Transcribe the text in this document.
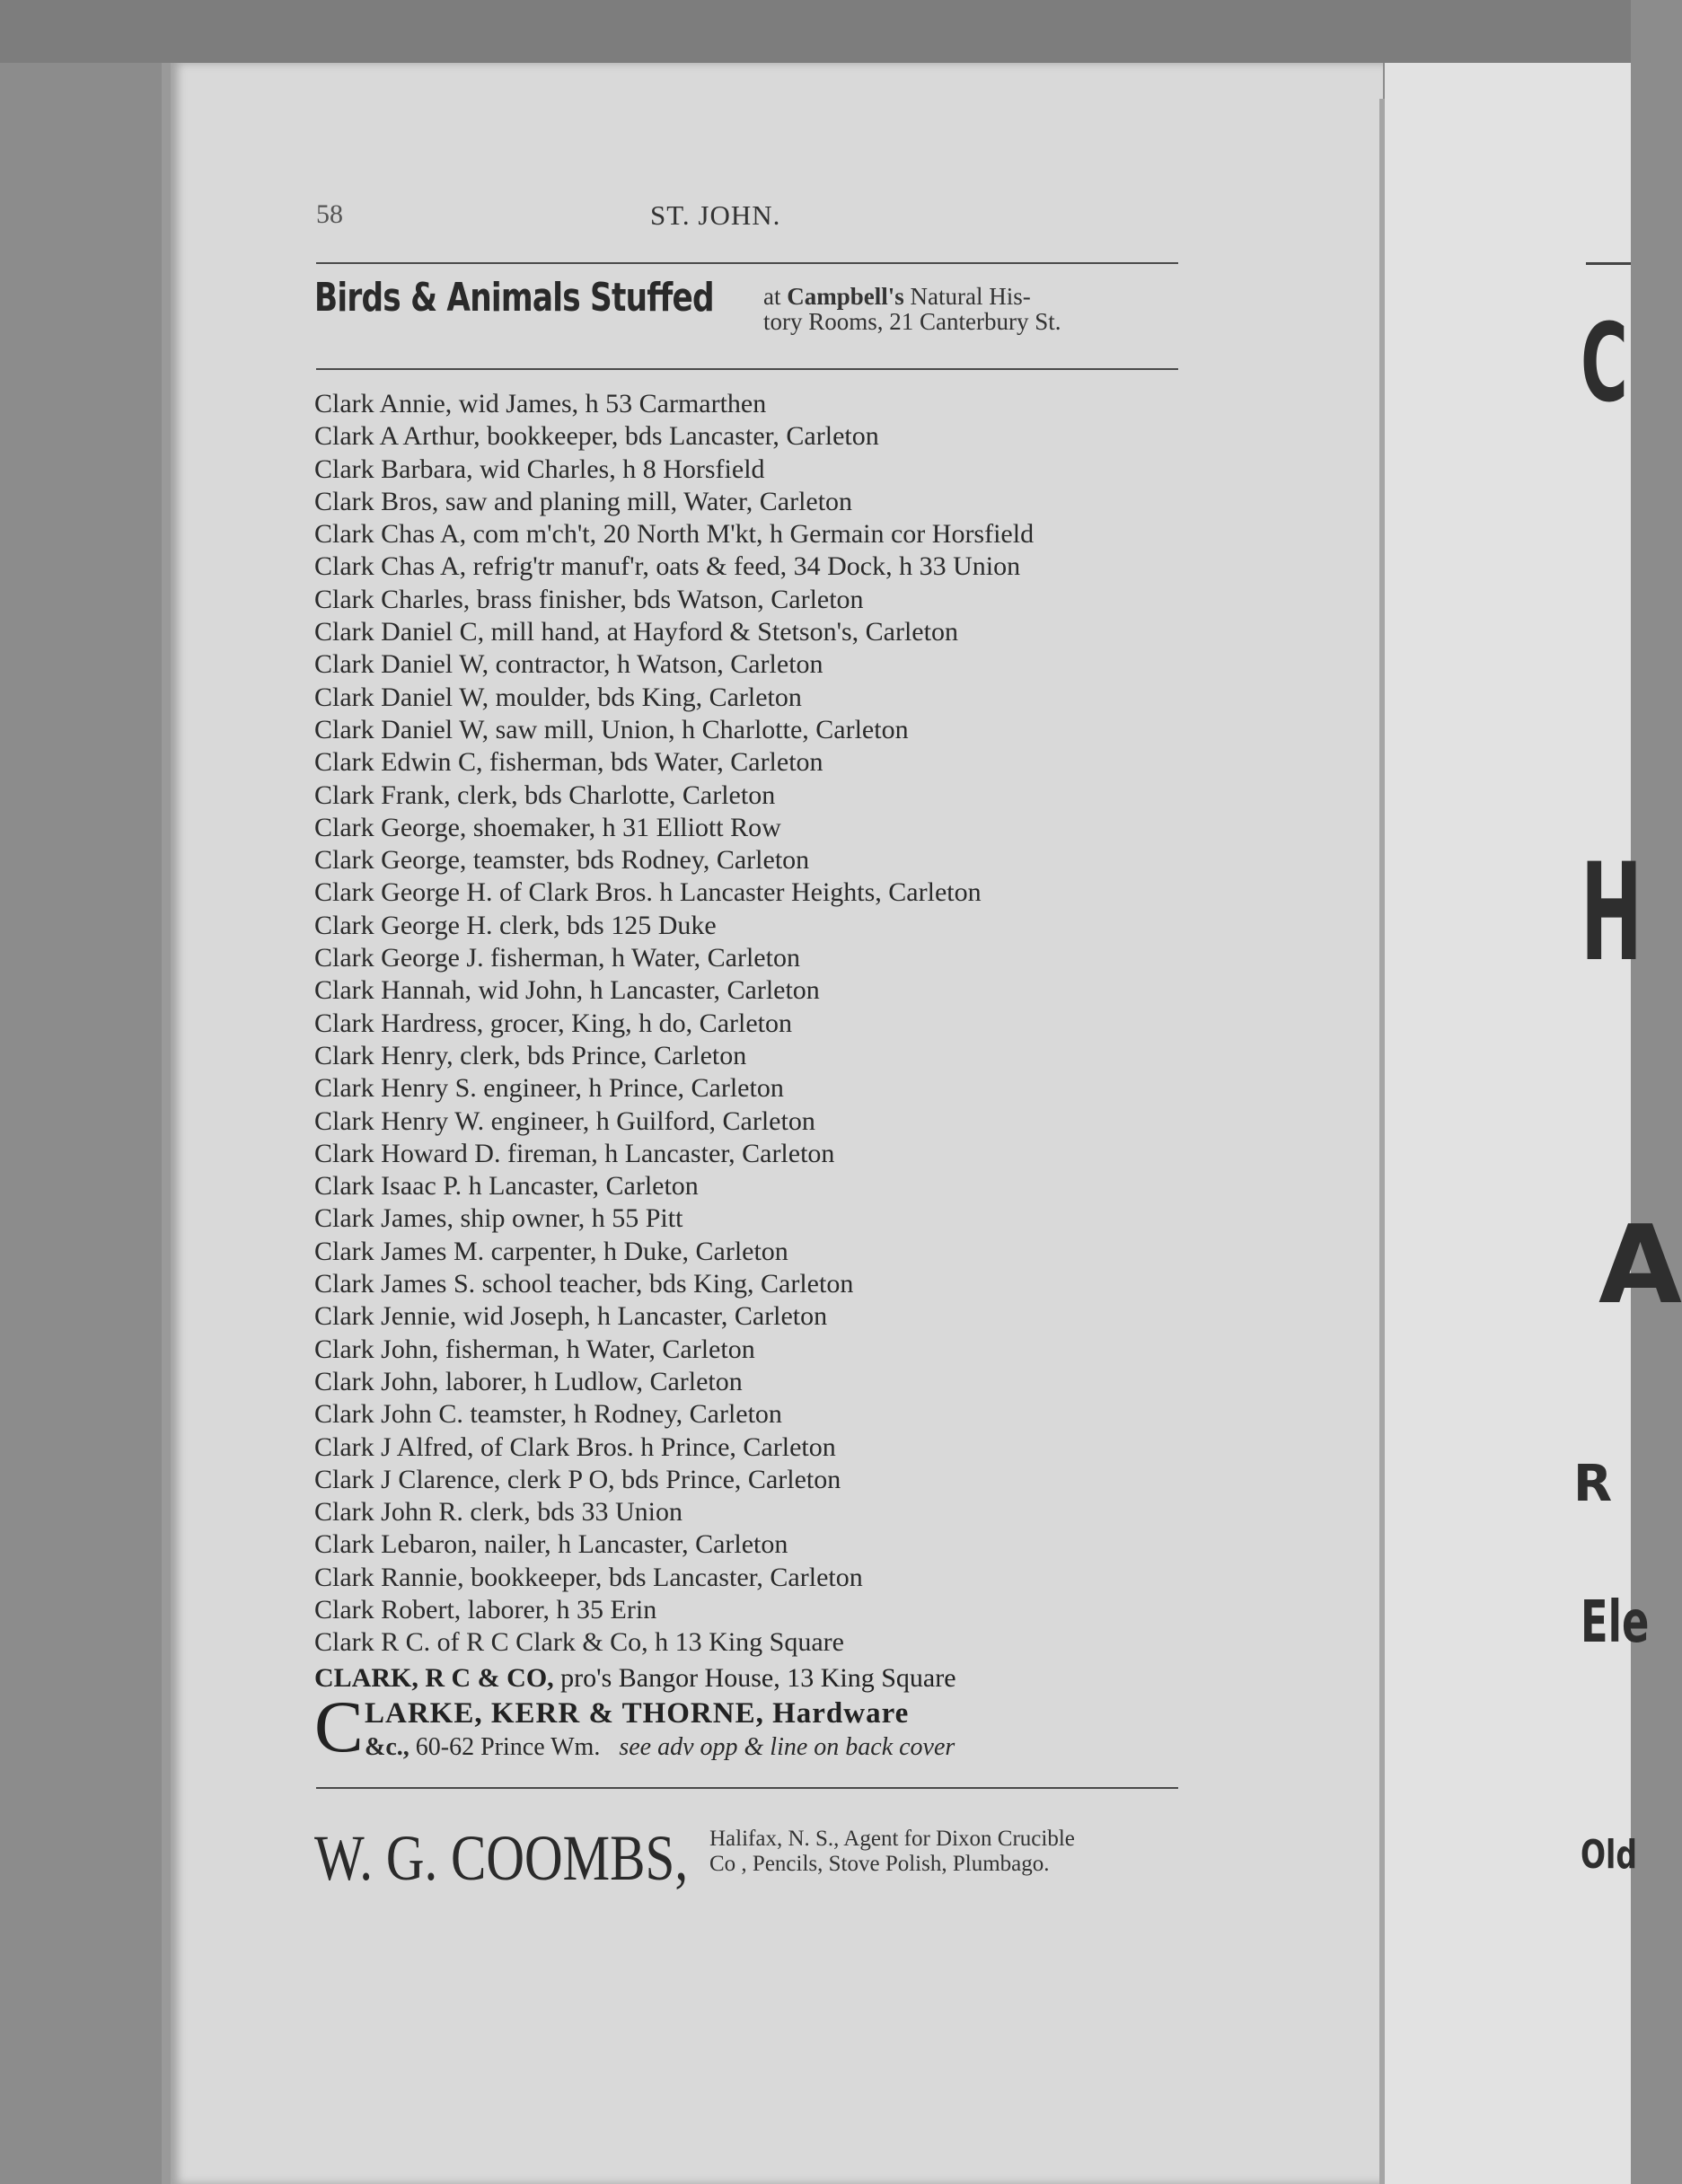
58	ST. JOHN.
Birds & Animals Stuffed at Campbell's Natural His-
tory Rooms, 21 Canterbury St.
Clark Annie, wid James, h 53 Carmarthen
Clark A Arthur, bookkeeper, bds Lancaster, Carleton
Clark Barbara, wid Charles, h 8 Horsfield
Clark Bros, saw and planing mill, Water, Carleton
Clark Chas A, com m'ch't, 20 North M'kt, h Germain cor Horsfield
Clark Chas A, refrig'tr manuf'r, oats & feed, 34 Dock, h 33 Union
Clark Charles, brass finisher, bds Watson, Carleton
Clark Daniel C, mill hand, at Hayford & Stetson's, Carleton
Clark Daniel W, contractor, h Watson, Carleton
Clark Daniel W, moulder, bds King, Carleton
Clark Daniel W, saw mill, Union, h Charlotte, Carleton
Clark Edwin C, fisherman, bds Water, Carleton
Clark Frank, clerk, bds Charlotte, Carleton
Clark George, shoemaker, h 31 Elliott Row
Clark George, teamster, bds Rodney, Carleton
Clark George H. of Clark Bros. h Lancaster Heights, Carleton
Clark George H. clerk, bds 125 Duke
Clark George J. fisherman, h Water, Carleton
Clark Hannah, wid John, h Lancaster, Carleton
Clark Hardress, grocer, King, h do, Carleton
Clark Henry, clerk, bds Prince, Carleton
Clark Henry S. engineer, h Prince, Carleton
Clark Henry W. engineer, h Guilford, Carleton
Clark Howard D. fireman, h Lancaster, Carleton
Clark Isaac P. h Lancaster, Carleton
Clark James, ship owner, h 55 Pitt
Clark James M. carpenter, h Duke, Carleton
Clark James S. school teacher, bds King, Carleton
Clark Jennie, wid Joseph, h Lancaster, Carleton
Clark John, fisherman, h Water, Carleton
Clark John, laborer, h Ludlow, Carleton
Clark John C. teamster, h Rodney, Carleton
Clark J Alfred, of Clark Bros. h Prince, Carleton
Clark J Clarence, clerk P O, bds Prince, Carleton
Clark John R. clerk, bds 33 Union
Clark Lebaron, nailer, h Lancaster, Carleton
Clark Rannie, bookkeeper, bds Lancaster, Carleton
Clark Robert, laborer, h 35 Erin
Clark R C. of R C Clark & Co, h 13 King Square
CLARK, R C & CO, pro's Bangor House, 13 King Square
C LARKE, KERR & THORNE, Hardware
&c., 60-62 Prince Wm. see adv opp & line on back cover
W. G. COOMBS, Halifax, N. S., Agent for Dixon Crucible
Co , Pencils, Stove Polish, Plumbago.
C
H
A
R
Ele
Old
